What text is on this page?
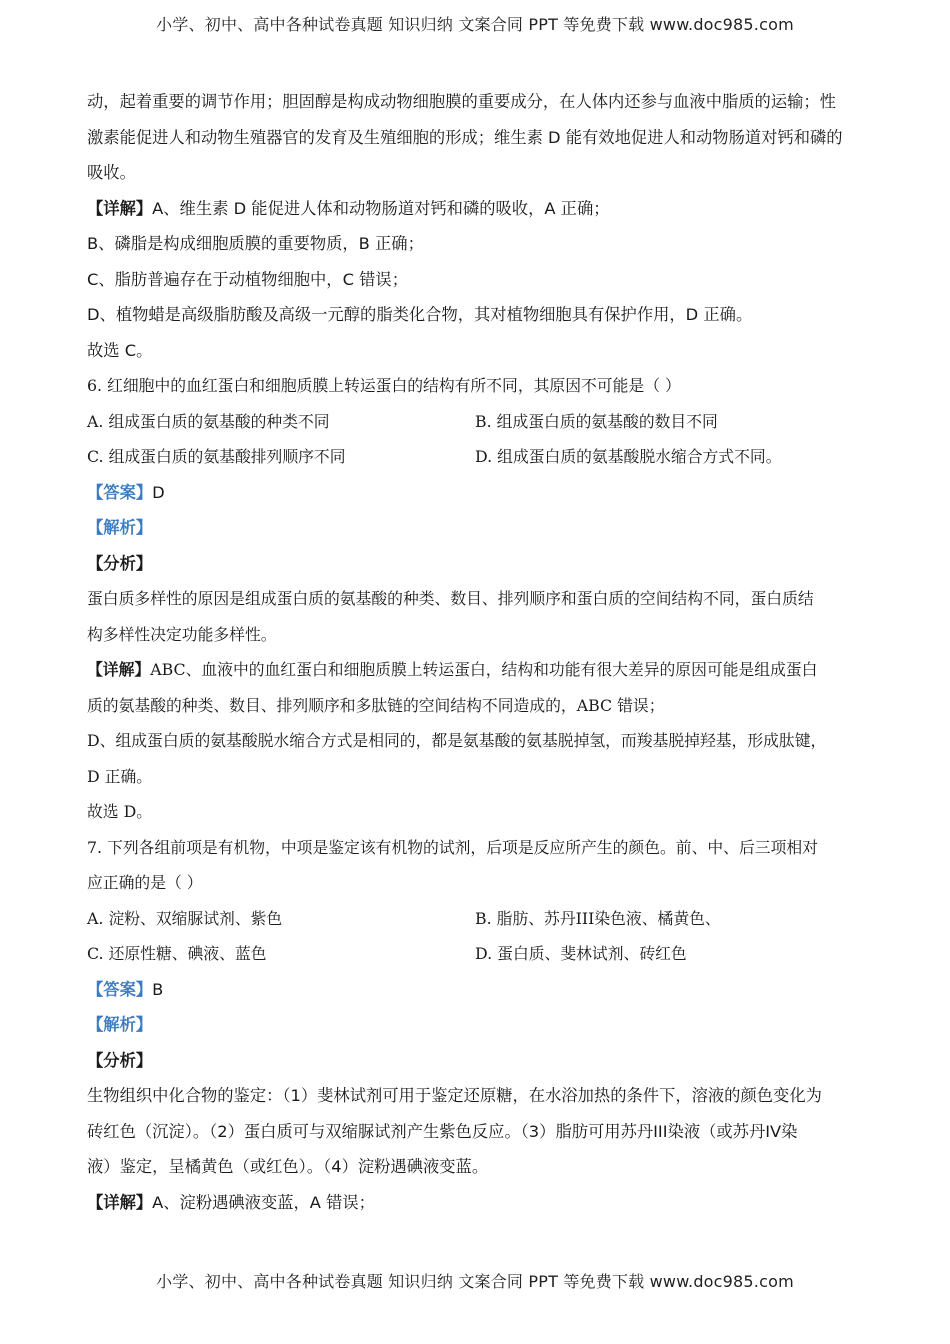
小学、初中、高中各种试卷真题 知识归纳 文案合同 PPT 等免费下载 www.doc985.com
动，起着重要的调节作用；胆固醇是构成动物细胞膜的重要成分，在人体内还参与血液中脂质的运输；性
激素能促进人和动物生殖器官的发育及生殖细胞的形成；维生素 D 能有效地促进人和动物肠道对钙和磷的
吸收。
【详解】A、维生素 D 能促进人体和动物肠道对钙和磷的吸收，A 正确；
B、磷脂是构成细胞质膜的重要物质，B 正确；
C、脂肪普遍存在于动植物细胞中，C 错误；
D、植物蜡是高级脂肪酸及高级一元醇的脂类化合物，其对植物细胞具有保护作用，D 正确。
故选 C。
6. 红细胞中的血红蛋白和细胞质膜上转运蛋白的结构有所不同，其原因不可能是（ ）
A. 组成蛋白质的氨基酸的种类不同	B. 组成蛋白质的氨基酸的数目不同
C. 组成蛋白质的氨基酸排列顺序不同	D. 组成蛋白质的氨基酸脱水缩合方式不同。
【答案】D
【解析】
【分析】
蛋白质多样性的原因是组成蛋白质的氨基酸的种类、数目、排列顺序和蛋白质的空间结构不同，蛋白质结
构多样性决定功能多样性。
【详解】ABC、血液中的血红蛋白和细胞质膜上转运蛋白，结构和功能有很大差异的原因可能是组成蛋白
质的氨基酸的种类、数目、排列顺序和多肽链的空间结构不同造成的，ABC 错误；
D、组成蛋白质的氨基酸脱水缩合方式是相同的，都是氨基酸的氨基脱掉氢，而羧基脱掉羟基，形成肽键，
D 正确。
故选 D。
7. 下列各组前项是有机物，中项是鉴定该有机物的试剂，后项是反应所产生的颜色。前、中、后三项相对
应正确的是（ ）
A. 淀粉、双缩脲试剂、紫色	B. 脂肪、苏丹III染色液、橘黄色、
C. 还原性糖、碘液、蓝色	D. 蛋白质、斐林试剂、砖红色
【答案】B
【解析】
【分析】
生物组织中化合物的鉴定：（1）斐林试剂可用于鉴定还原糖，在水浴加热的条件下，溶液的颜色变化为
砖红色（沉淀）。（2）蛋白质可与双缩脲试剂产生紫色反应。（3）脂肪可用苏丹III染液（或苏丹IV染
液）鉴定，呈橘黄色（或红色）。（4）淀粉遇碘液变蓝。
【详解】A、淀粉遇碘液变蓝，A 错误；
小学、初中、高中各种试卷真题 知识归纳 文案合同 PPT 等免费下载 www.doc985.com
